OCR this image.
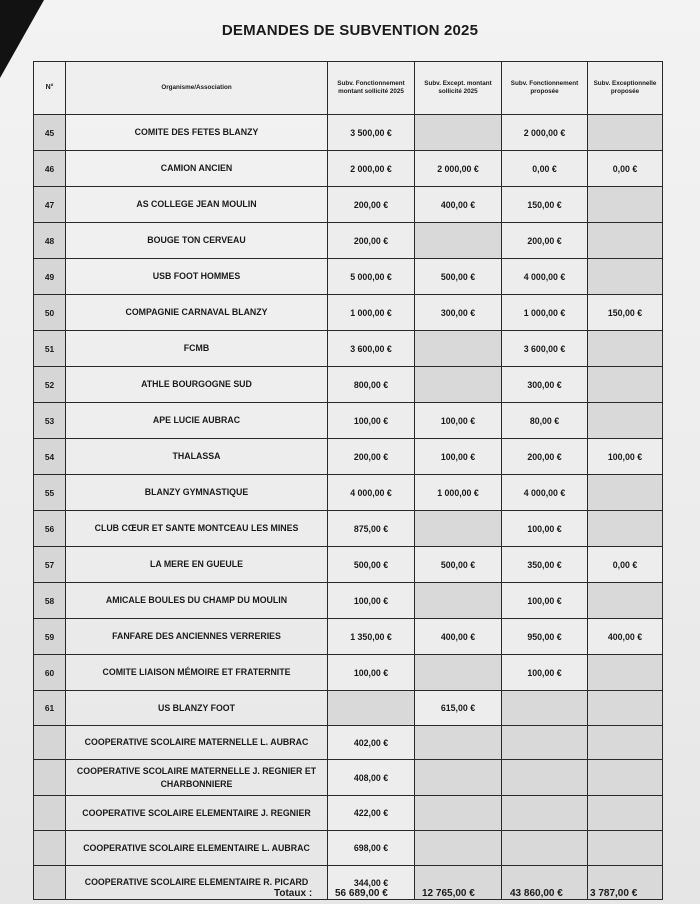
DEMANDES DE SUBVENTION 2025
N°	Organisme/Association	Subv. Fonctionnement montant sollicité 2025	Subv. Except. montant sollicité 2025	Subv. Fonctionnement proposée	Subv. Exceptionnelle proposée
45	COMITE DES FETES BLANZY	3 500,00 €		2 000,00 €	
46	CAMION ANCIEN	2 000,00 €	2 000,00 €	0,00 €	0,00 €
47	AS COLLEGE JEAN MOULIN	200,00 €	400,00 €	150,00 €	
48	BOUGE TON CERVEAU	200,00 €		200,00 €	
49	USB FOOT HOMMES	5 000,00 €	500,00 €	4 000,00 €	
50	COMPAGNIE CARNAVAL BLANZY	1 000,00 €	300,00 €	1 000,00 €	150,00 €
51	FCMB	3 600,00 €		3 600,00 €	
52	ATHLE BOURGOGNE SUD	800,00 €		300,00 €	
53	APE LUCIE AUBRAC	100,00 €	100,00 €	80,00 €	
54	THALASSA	200,00 €	100,00 €	200,00 €	100,00 €
55	BLANZY GYMNASTIQUE	4 000,00 €	1 000,00 €	4 000,00 €	
56	CLUB CŒUR ET SANTE MONTCEAU LES MINES	875,00 €		100,00 €	
57	LA MERE EN GUEULE	500,00 €	500,00 €	350,00 €	0,00 €
58	AMICALE BOULES DU CHAMP DU MOULIN	100,00 €		100,00 €	
59	FANFARE DES ANCIENNES VERRERIES	1 350,00 €	400,00 €	950,00 €	400,00 €
60	COMITE LIAISON MÉMOIRE ET FRATERNITE	100,00 €		100,00 €	
61	US BLANZY FOOT		615,00 €		
	COOPERATIVE SCOLAIRE MATERNELLE L. AUBRAC	402,00 €			
	COOPERATIVE SCOLAIRE MATERNELLE J. REGNIER ET CHARBONNIERE	408,00 €			
	COOPERATIVE SCOLAIRE ELEMENTAIRE J. REGNIER	422,00 €			
	COOPERATIVE SCOLAIRE ELEMENTAIRE L. AUBRAC	698,00 €			
	COOPERATIVE SCOLAIRE ELEMENTAIRE R. PICARD	344,00 €			
Totaux : 56 689,00 €	12 765,00 €	43 860,00 €	3 787,00 €
